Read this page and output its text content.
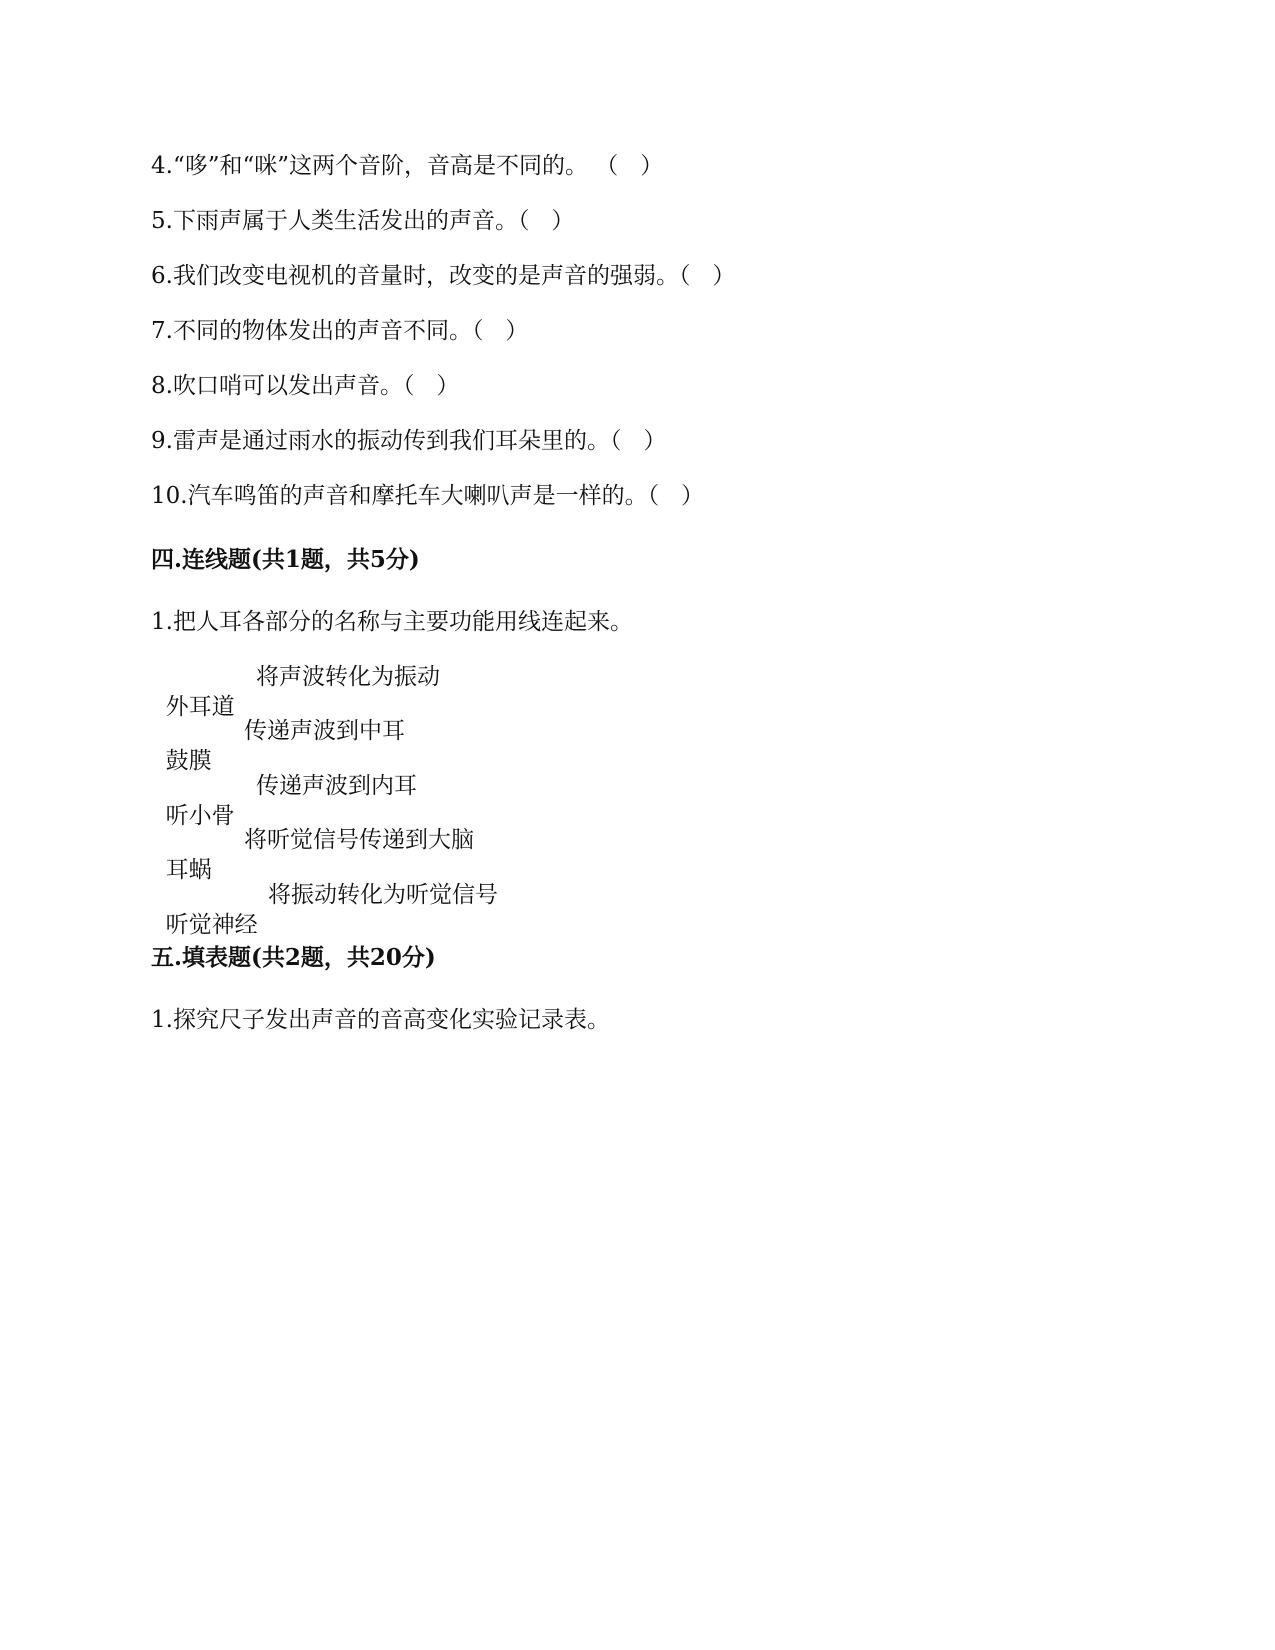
4.“哆”和“咪”这两个音阶，音高是不同的。 （   ）
5.下雨声属于人类生活发出的声音。（   ）
6.我们改变电视机的音量时，改变的是声音的强弱。（   ）
7.不同的物体发出的声音不同。（   ）
8.吹口哨可以发出声音。（   ）
9.雷声是通过雨水的振动传到我们耳朵里的。（   ）
10.汽车鸣笛的声音和摩托车大喇叭声是一样的。（   ）
四.连线题(共1题，共5分)
1.把人耳各部分的名称与主要功能用线连起来。

外耳道

将声波转化为振动

鼓膜

传递声波到中耳

听小骨

传递声波到内耳

耳蜗

将听觉信号传递到大脑

听觉神经

将振动转化为听觉信号

五.填表题(共2题，共20分)
1.探究尺子发出声音的音高变化实验记录表。
